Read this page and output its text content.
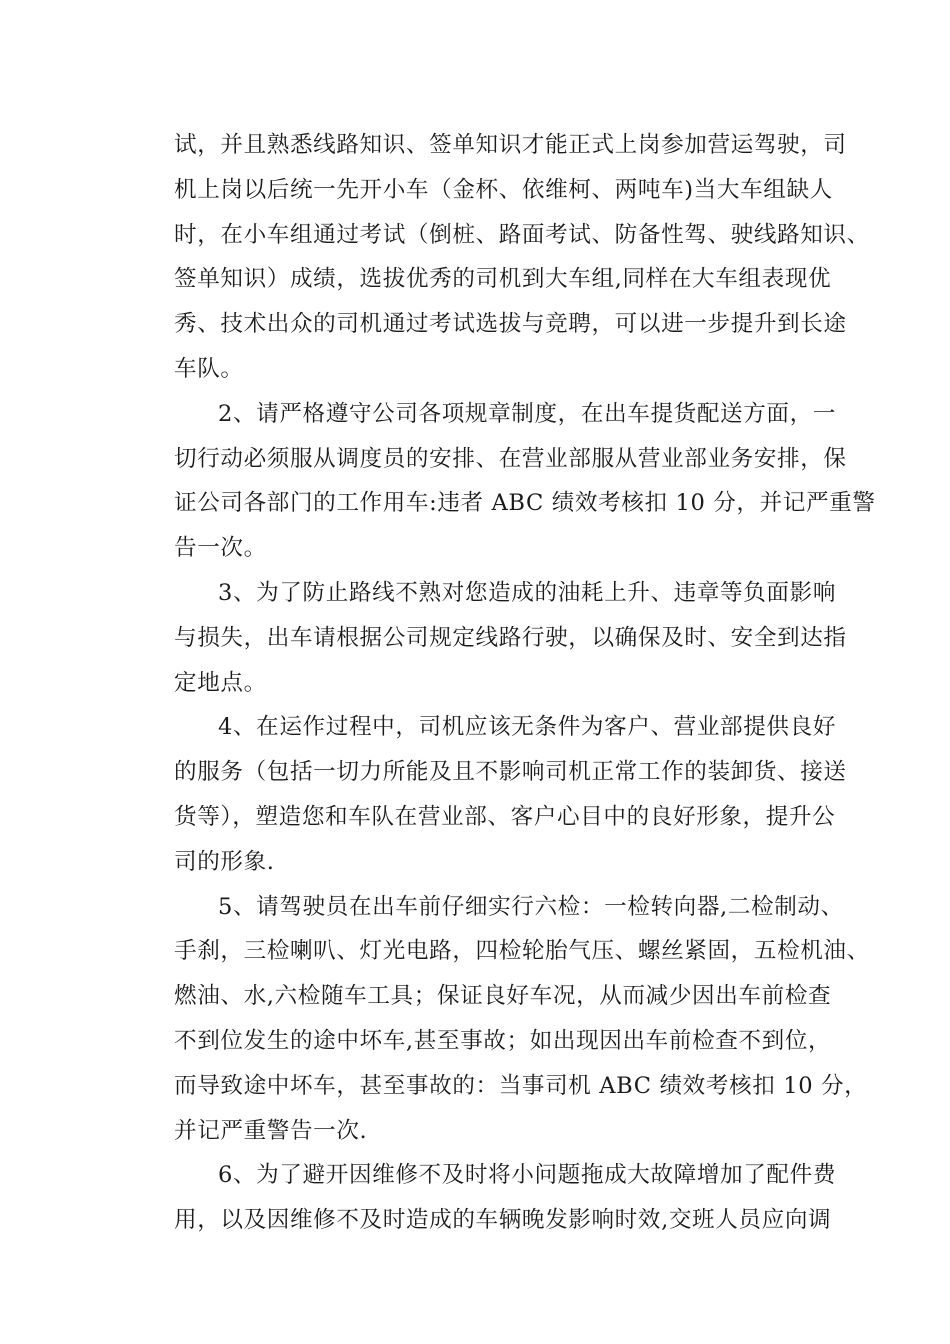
试，并且熟悉线路知识、签单知识才能正式上岗参加营运驾驶，司
机上岗以后统一先开小车（金杯、依维柯、两吨车)当大车组缺人
时，在小车组通过考试（倒桩、路面考试、防备性驾、驶线路知识、
签单知识）成绩，选拔优秀的司机到大车组,同样在大车组表现优
秀、技术出众的司机通过考试选拔与竞聘，可以进一步提升到长途
车队。
2、请严格遵守公司各项规章制度，在出车提货配送方面，一
切行动必须服从调度员的安排、在营业部服从营业部业务安排，保
证公司各部门的工作用车:违者 ABC 绩效考核扣 10 分，并记严重警
告一次。
3、为了防止路线不熟对您造成的油耗上升、违章等负面影响
与损失，出车请根据公司规定线路行驶，以确保及时、安全到达指
定地点。
4、在运作过程中，司机应该无条件为客户、营业部提供良好
的服务（包括一切力所能及且不影响司机正常工作的装卸货、接送
货等），塑造您和车队在营业部、客户心目中的良好形象，提升公
司的形象.
5、请驾驶员在出车前仔细实行六检：一检转向器,二检制动、
手刹，三检喇叭、灯光电路，四检轮胎气压、螺丝紧固，五检机油、
燃油、水,六检随车工具；保证良好车况，从而减少因出车前检查
不到位发生的途中坏车,甚至事故；如出现因出车前检查不到位，
而导致途中坏车，甚至事故的：当事司机 ABC 绩效考核扣 10 分，
并记严重警告一次.
6、为了避开因维修不及时将小问题拖成大故障增加了配件费
用，以及因维修不及时造成的车辆晚发影响时效,交班人员应向调
